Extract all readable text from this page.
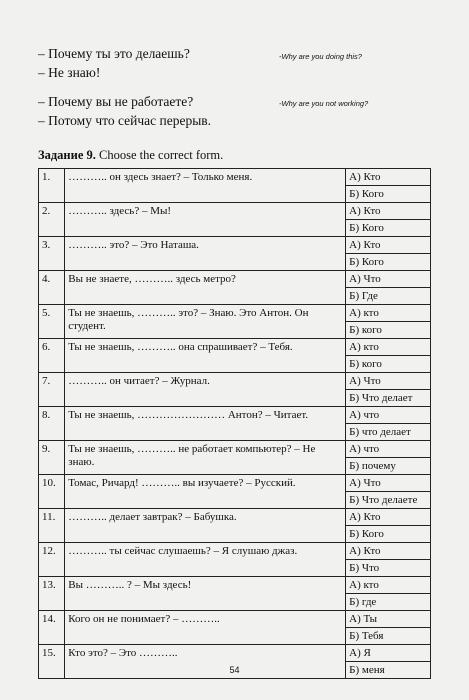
– Почему ты это делаешь?	-Why are you doing this?
– Не знаю!
– Почему вы не работаете?	-Why are you not working?
– Потому что сейчас перерыв.
Задание 9. Choose the correct form.
1.	……….. он здесь знает? – Только меня.	А) Кто
		Б) Кого
2.	……….. здесь? – Мы!	А) Кто
		Б) Кого
3.	……….. это? – Это Наташа.	А) Кто
		Б) Кого
4.	Вы не знаете, ……….. здесь метро?	А) Что
		Б) Где
5.	Ты не знаешь, ……….. это? – Знаю. Это Антон. Он студент.	А) кто
		Б) кого
6.	Ты не знаешь, ……….. она спрашивает? – Тебя.	А) кто
		Б) кого
7.	……….. он читает? – Журнал.	А) Что
		Б) Что делает
8.	Ты не знаешь, …………………… Антон? – Читает.	А) что
		Б) что делает
9.	Ты не знаешь, ……….. не работает компьютер? – Не знаю.	А) что
		Б) почему
10.	Томас, Ричард! ……….. вы изучаете? – Русский.	А) Что
		Б) Что делаете
11.	……….. делает завтрак? – Бабушка.	А) Кто
		Б) Кого
12.	……….. ты сейчас слушаешь? – Я слушаю джаз.	А) Кто
		Б) Что
13.	Вы ……….. ? – Мы здесь!	А) кто
		Б) где
14.	Кого он не понимает? – ………..	А) Ты
		Б) Тебя
15.	Кто это? – Это ………..	А) Я
		Б) меня
54
